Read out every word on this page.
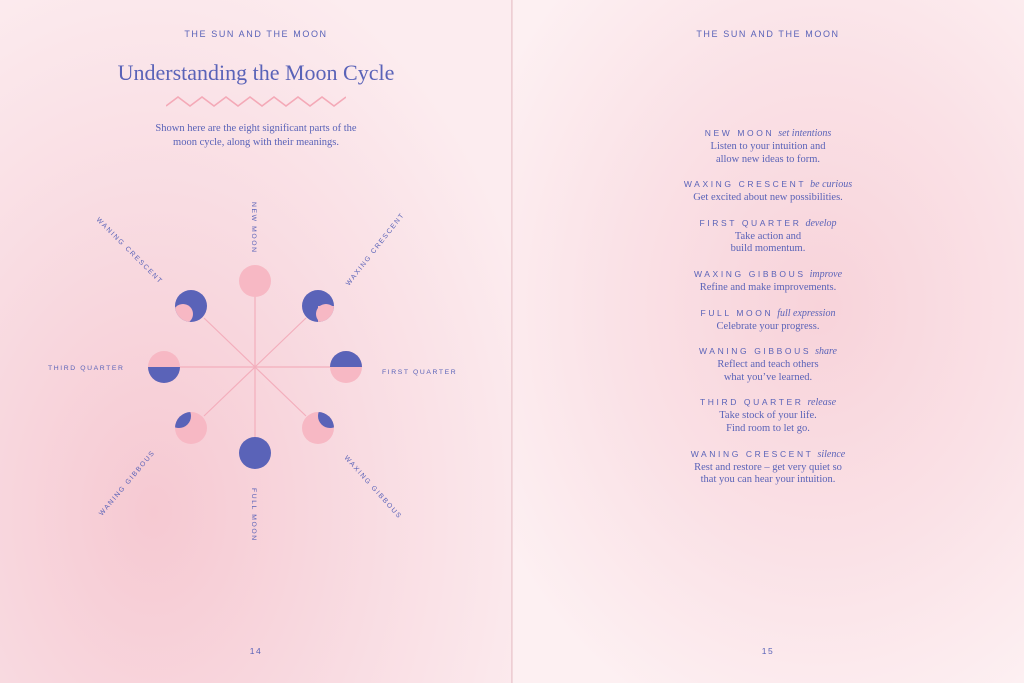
THE SUN AND THE MOON
Understanding the Moon Cycle
Shown here are the eight significant parts of the
moon cycle, along with their meanings.
NEW MOON	WAXING CRESCENT
FIRST QUARTER
WAXING GIBBOUS
FULL MOON
WANING GIBBOUS
THIRD QUARTER
WANING CRESCENT
14
THE SUN AND THE MOON
NEW MOON set intentions
Listen to your intuition and
allow new ideas to form.
WAXING CRESCENT be curious
Get excited about new possibilities.
FIRST QUARTER develop
Take action and
build momentum.
WAXING GIBBOUS improve
Refine and make improvements.
FULL MOON full expression
Celebrate your progress.
WANING GIBBOUS share
Reflect and teach others
what you’ve learned.
THIRD QUARTER release
Take stock of your life.
Find room to let go.
WANING CRESCENT silence
Rest and restore – get very quiet so
that you can hear your intuition.
15
